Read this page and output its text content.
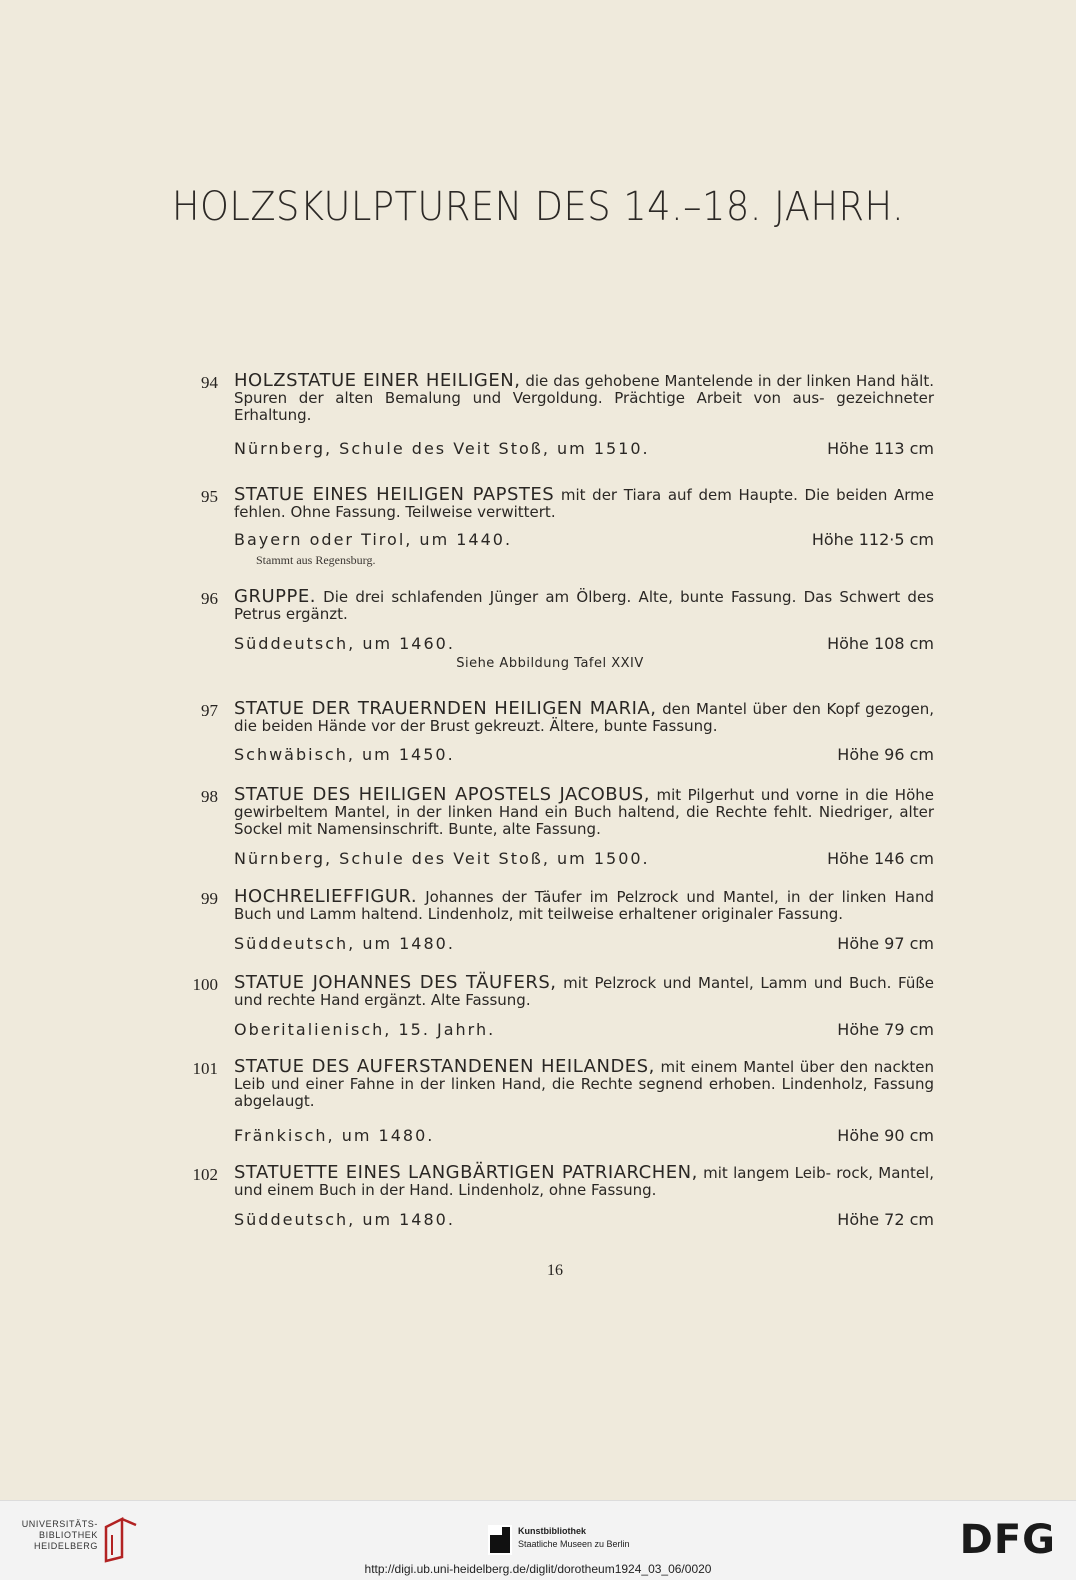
HOLZSKULPTUREN DES 14.–18. JAHRH.
94 HOLZSTATUE EINER HEILIGEN, die das gehobene Mantelende in der linken Hand hält. Spuren der alten Bemalung und Vergoldung. Prächtige Arbeit von aus- gezeichneter Erhaltung.
Nürnberg, Schule des Veit Stoß, um 1510.	Höhe 113 cm
95 STATUE EINES HEILIGEN PAPSTES mit der Tiara auf dem Haupte. Die beiden Arme fehlen. Ohne Fassung. Teilweise verwittert.
Bayern oder Tirol, um 1440.	Höhe 112·5 cm
Stammt aus Regensburg.
96 GRUPPE. Die drei schlafenden Jünger am Ölberg. Alte, bunte Fassung. Das Schwert des Petrus ergänzt.
Süddeutsch, um 1460.	Höhe 108 cm
Siehe Abbildung Tafel XXIV
97 STATUE DER TRAUERNDEN HEILIGEN MARIA, den Mantel über den Kopf gezogen, die beiden Hände vor der Brust gekreuzt. Ältere, bunte Fassung.
Schwäbisch, um 1450.	Höhe 96 cm
98 STATUE DES HEILIGEN APOSTELS JACOBUS, mit Pilgerhut und vorne in die Höhe gewirbeltem Mantel, in der linken Hand ein Buch haltend, die Rechte fehlt. Niedriger, alter Sockel mit Namensinschrift. Bunte, alte Fassung.
Nürnberg, Schule des Veit Stoß, um 1500.	Höhe 146 cm
99 HOCHRELIEFFIGUR. Johannes der Täufer im Pelzrock und Mantel, in der linken Hand Buch und Lamm haltend. Lindenholz, mit teilweise erhaltener originaler Fassung.
Süddeutsch, um 1480.	Höhe 97 cm
100 STATUE JOHANNES DES TÄUFERS, mit Pelzrock und Mantel, Lamm und Buch. Füße und rechte Hand ergänzt. Alte Fassung.
Oberitalienisch, 15. Jahrh.	Höhe 79 cm
101 STATUE DES AUFERSTANDENEN HEILANDES, mit einem Mantel über den nackten Leib und einer Fahne in der linken Hand, die Rechte segnend erhoben. Lindenholz, Fassung abgelaugt.
Fränkisch, um 1480.	Höhe 90 cm
102 STATUETTE EINES LANGBÄRTIGEN PATRIARCHEN, mit langem Leib- rock, Mantel, und einem Buch in der Hand. Lindenholz, ohne Fassung.
Süddeutsch, um 1480.	Höhe 72 cm
16
UNIVERSITÄTS-
BIBLIOTHEK
HEIDELBERG
Kunstbibliothek
Staatliche Museen zu Berlin	DFG
http://digi.ub.uni-heidelberg.de/diglit/dorotheum1924_03_06/0020
